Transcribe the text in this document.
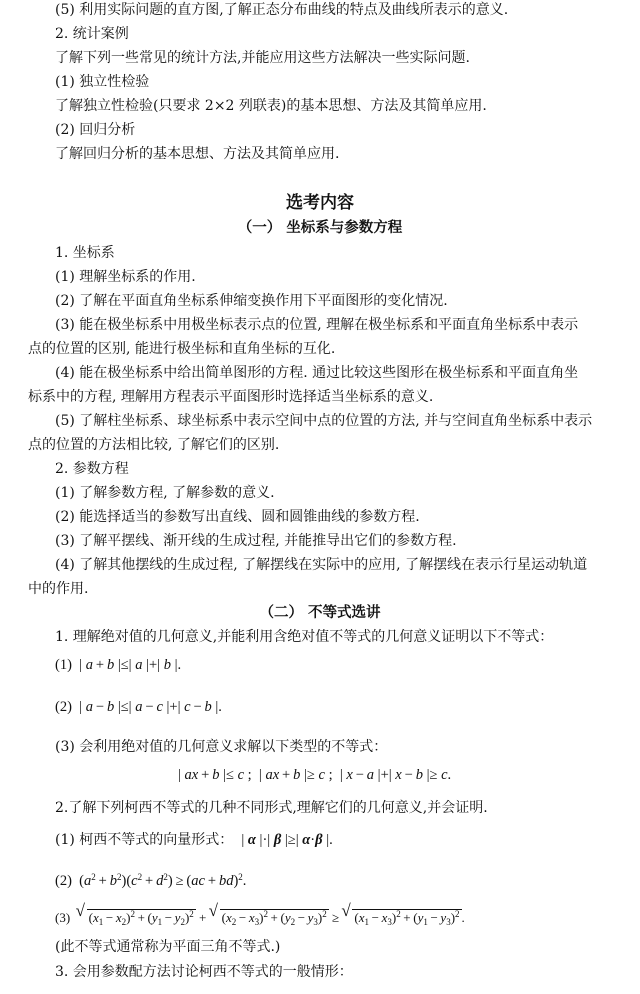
(5) 利用实际问题的直方图,了解正态分布曲线的特点及曲线所表示的意义.
2. 统计案例
了解下列一些常见的统计方法,并能应用这些方法解决一些实际问题.
(1) 独立性检验
了解独立性检验(只要求 2×2 列联表)的基本思想、方法及其简单应用.
(2) 回归分析
了解回归分析的基本思想、方法及其简单应用.
选考内容
（一） 坐标系与参数方程
1. 坐标系
(1) 理解坐标系的作用.
(2) 了解在平面直角坐标系伸缩变换作用下平面图形的变化情况.
(3) 能在极坐标系中用极坐标表示点的位置, 理解在极坐标系和平面直角坐标系中表示
点的位置的区别, 能进行极坐标和直角坐标的互化.
(4) 能在极坐标系中给出简单图形的方程. 通过比较这些图形在极坐标系和平面直角坐
标系中的方程, 理解用方程表示平面图形时选择适当坐标系的意义.
(5) 了解柱坐标系、球坐标系中表示空间中点的位置的方法, 并与空间直角坐标系中表示
点的位置的方法相比较, 了解它们的区别.
2. 参数方程
(1) 了解参数方程, 了解参数的意义.
(2) 能选择适当的参数写出直线、圆和圆锥曲线的参数方程.
(3) 了解平摆线、渐开线的生成过程, 并能推导出它们的参数方程.
(4) 了解其他摆线的生成过程, 了解摆线在实际中的应用, 了解摆线在表示行星运动轨道
中的作用.
（二） 不等式选讲
1. 理解绝对值的几何意义,并能利用含绝对值不等式的几何意义证明以下不等式：
(1)  | a + b |≤| a |+| b |.
(2)  | a − b |≤| a − c |+| c − b |.
(3) 会利用绝对值的几何意义求解以下类型的不等式：
| ax + b |≤ c ;  | ax + b |≥ c ;  | x − a |+| x − b |≥ c.
2.了解下列柯西不等式的几种不同形式,理解它们的几何意义,并会证明.
(1) 柯西不等式的向量形式：  | α |·| β |≥| α·β |.
(2)  $(a^2 + b^2)(c^2 + d^2) \ge (ac + bd)^2$.
(3)  √ $(x_1 - x_2)^2 + (y_1 - y_2)^2$ + √ $(x_2 - x_3)^2 + (y_2 - y_3)^2$ ≥ √ $(x_1 - x_3)^2 + (y_1 - y_3)^2$ .
(此不等式通常称为平面三角不等式.)
3. 会用参数配方法讨论柯西不等式的一般情形：
